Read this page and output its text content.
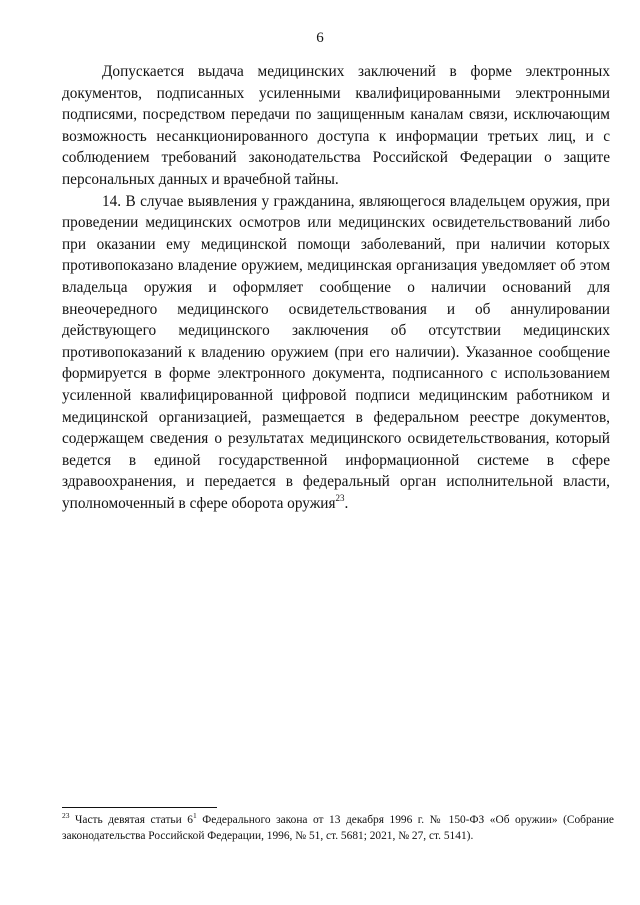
6

Допускается выдача медицинских заключений в форме электронных документов, подписанных усиленными квалифицированными электронными подписями, посредством передачи по защищенным каналам связи, исключающим возможность несанкционированного доступа к информации третьих лиц, и с соблюдением требований законодательства Российской Федерации о защите персональных данных и врачебной тайны.

14. В случае выявления у гражданина, являющегося владельцем оружия, при проведении медицинских осмотров или медицинских освидетельствований либо при оказании ему медицинской помощи заболеваний, при наличии которых противопоказано владение оружием, медицинская организация уведомляет об этом владельца оружия и оформляет сообщение о наличии оснований для внеочередного медицинского освидетельствования и об аннулировании действующего медицинского заключения об отсутствии медицинских противопоказаний к владению оружием (при его наличии). Указанное сообщение формируется в форме электронного документа, подписанного с использованием усиленной квалифицированной цифровой подписи медицинским работником и медицинской организацией, размещается в федеральном реестре документов, содержащем сведения о результатах медицинского освидетельствования, который ведется в единой государственной информационной системе в сфере здравоохранения, и передается в федеральный орган исполнительной власти, уполномоченный в сфере оборота оружия$^{23}$.

$^{23}$ Часть девятая статьи $6^1$ Федерального закона от 13 декабря 1996 г. № 150-ФЗ «Об оружии» (Собрание законодательства Российской Федерации, 1996, № 51, ст. 5681; 2021, № 27, ст. 5141).
